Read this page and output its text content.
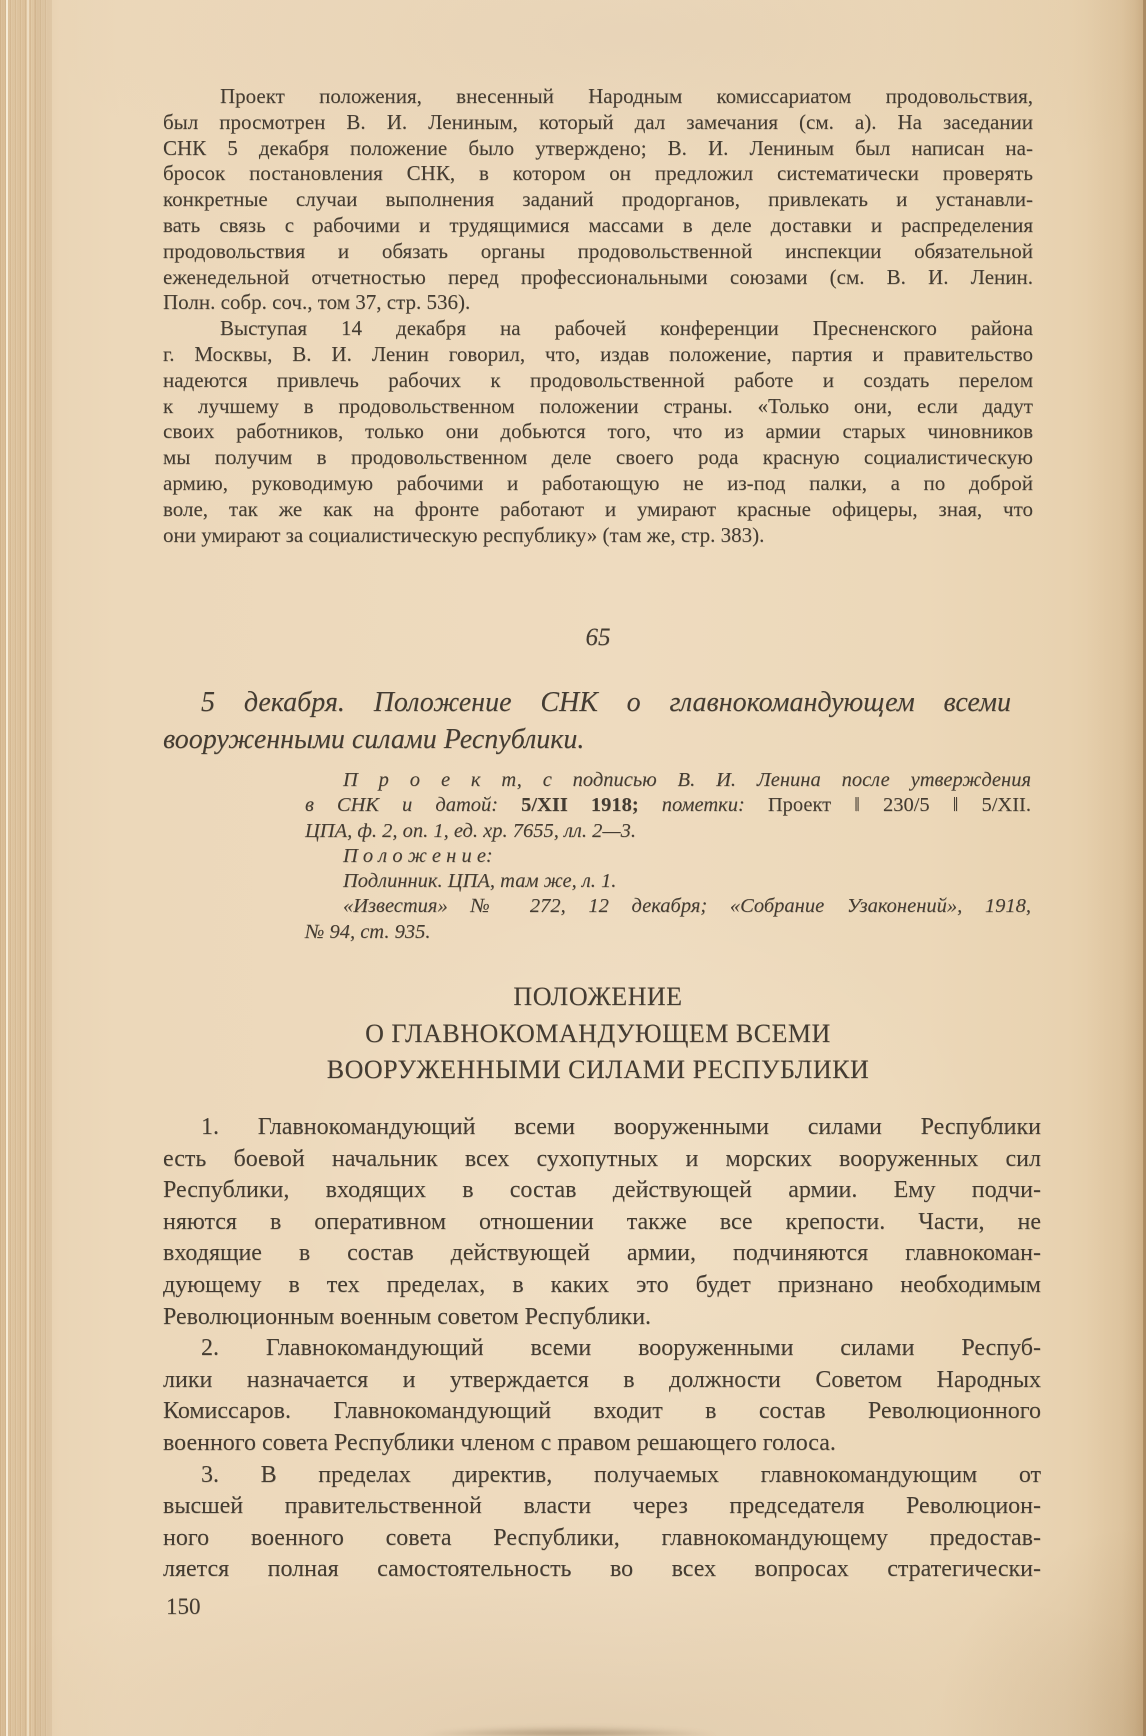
Проект положения, внесенный Народным комиссариатом продовольствия,
был просмотрен В. И. Лениным, который дал замечания (см. а). На заседании
СНК 5 декабря положение было утверждено; В. И. Лениным был написан на-
бросок постановления СНК, в котором он предложил систематически проверять
конкретные случаи выполнения заданий продорганов, привлекать и устанавли-
вать связь с рабочими и трудящимися массами в деле доставки и распределения
продовольствия и обязать органы продовольственной инспекции обязательной
еженедельной отчетностью перед профессиональными союзами (см. В. И. Ленин.
Полн. собр. соч., том 37, стр. 536).
Выступая 14 декабря на рабочей конференции Пресненского района
г. Москвы, В. И. Ленин говорил, что, издав положение, партия и правительство
надеются привлечь рабочих к продовольственной работе и создать перелом
к лучшему в продовольственном положении страны. «Только они, если дадут
своих работников, только они добьются того, что из армии старых чиновников
мы получим в продовольственном деле своего рода красную социалистическую
армию, руководимую рабочими и работающую не из-под палки, а по доброй
воле, так же как на фронте работают и умирают красные офицеры, зная, что
они умирают за социалистическую республику» (там же, стр. 383).
65
5 декабря. Положение СНК о главнокомандующем всеми
вооруженными силами Республики.
П р о е к т, с подписью В. И. Ленина после утверждения
в СНК и датой: 5/XII 1918; пометки: Проект ‖ 230/5 ‖ 5/XII.
ЦПА, ф. 2, оп. 1, ед. хр. 7655, лл. 2—3.
П о л о ж е н и е:
Подлинник. ЦПА, там же, л. 1.
«Известия» № 272, 12 декабря; «Собрание Узаконений», 1918,
№ 94, ст. 935.
ПОЛОЖЕНИЕ
О ГЛАВНОКОМАНДУЮЩЕМ ВСЕМИ
ВООРУЖЕННЫМИ СИЛАМИ РЕСПУБЛИКИ
1. Главнокомандующий всеми вооруженными силами Республики
есть боевой начальник всех сухопутных и морских вооруженных сил
Республики, входящих в состав действующей армии. Ему подчи-
няются в оперативном отношении также все крепости. Части, не
входящие в состав действующей армии, подчиняются главнокоман-
дующему в тех пределах, в каких это будет признано необходимым
Революционным военным советом Республики.
2. Главнокомандующий всеми вооруженными силами Респуб-
лики назначается и утверждается в должности Советом Народных
Комиссаров. Главнокомандующий входит в состав Революционного
военного совета Республики членом с правом решающего голоса.
3. В пределах директив, получаемых главнокомандующим от
высшей правительственной власти через председателя Революцион-
ного военного совета Республики, главнокомандующему предостав-
ляется полная самостоятельность во всех вопросах стратегически-
150
